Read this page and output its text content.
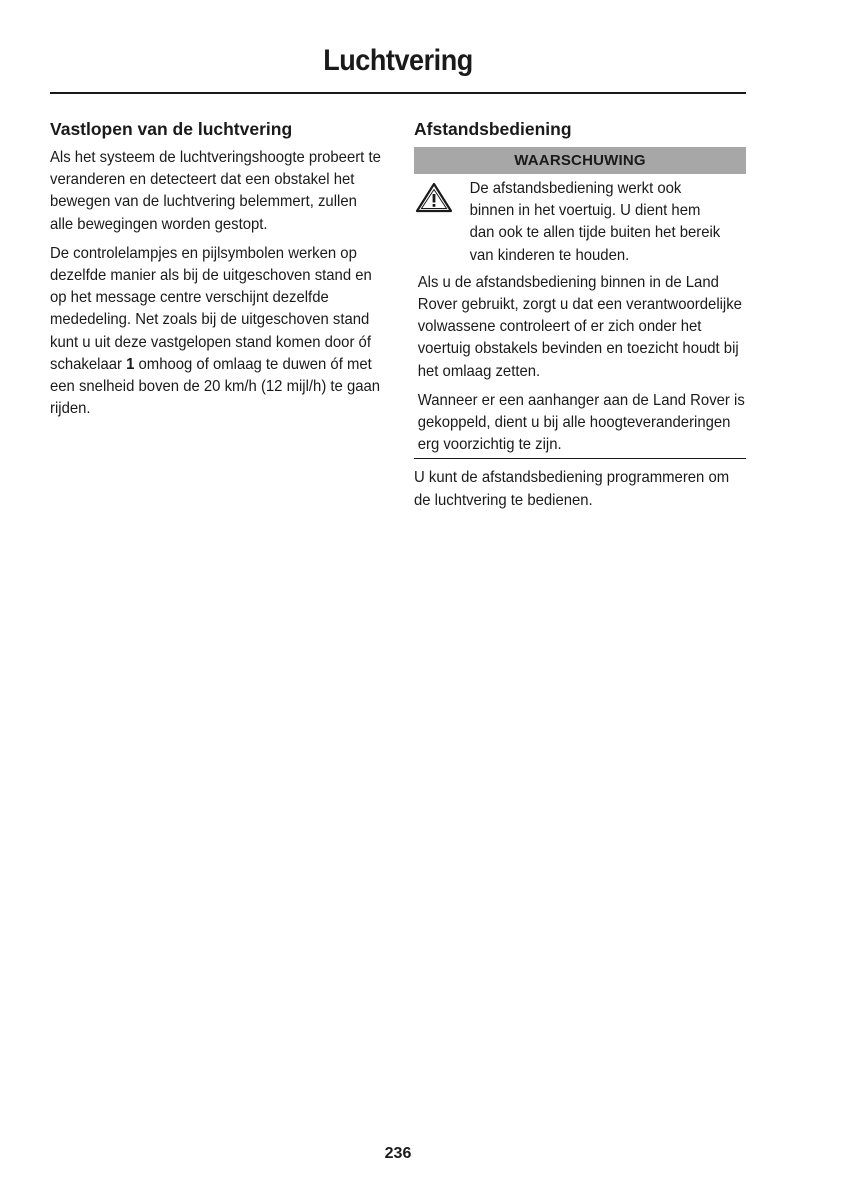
Luchtvering
Vastlopen van de luchtvering

Als het systeem de luchtveringshoogte probeert te veranderen en detecteert dat een obstakel het bewegen van de luchtvering belemmert, zullen alle bewegingen worden gestopt.

De controlelampjes en pijlsymbolen werken op dezelfde manier als bij de uitgeschoven stand en op het message centre verschijnt dezelfde mededeling. Net zoals bij de uitgeschoven stand kunt u uit deze vastgelopen stand komen door óf schakelaar 1 omhoog of omlaag te duwen óf met een snelheid boven de 20 km/h (12 mijl/h) te gaan rijden.

Afstandsbediening
WAARSCHUWING

De afstandsbediening werkt ook binnen in het voertuig. U dient hem dan ook te allen tijde buiten het bereik van kinderen te houden.

Als u de afstandsbediening binnen in de Land Rover gebruikt, zorgt u dat een verantwoordelijke volwassene controleert of er zich onder het voertuig obstakels bevinden en toezicht houdt bij het omlaag zetten.

Wanneer er een aanhanger aan de Land Rover is gekoppeld, dient u bij alle hoogteveranderingen erg voorzichtig te zijn.

U kunt de afstandsbediening programmeren om de luchtvering te bedienen.

236
